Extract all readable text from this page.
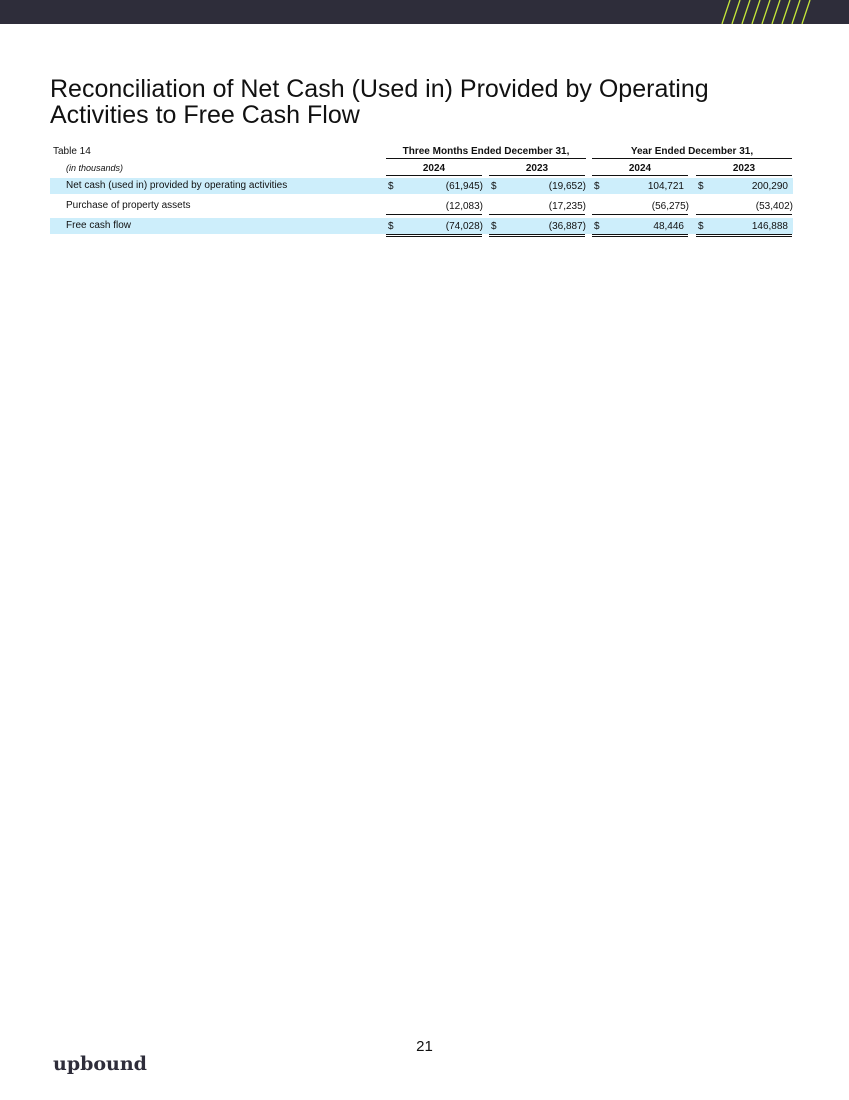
Reconciliation of Net Cash (Used in) Provided by Operating Activities to Free Cash Flow
Table 14	Three Months Ended December 31,	Year Ended December 31,
(in thousands)	2024	2023	2024	2023
Net cash (used in) provided by operating activities	$	(61,945) $	(19,652) $	104,721 $	200,290
Purchase of property assets	(12,083)	(17,235)	(56,275)	(53,402)
Free cash flow	$	(74,028) $	(36,887) $	48,446 $	146,888
21
upbound
